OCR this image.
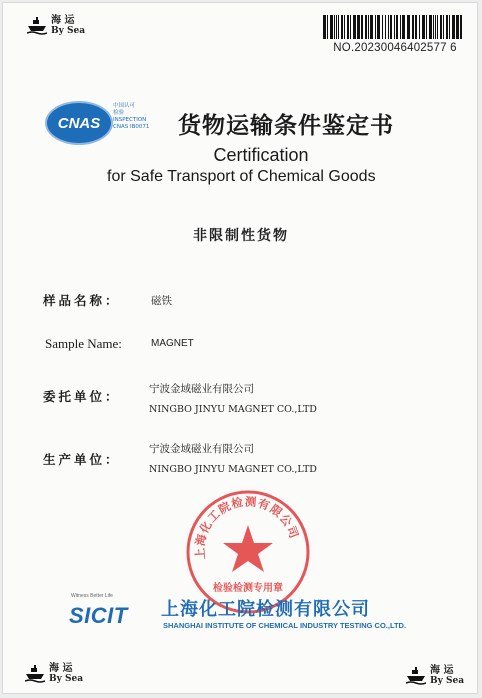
海 运
By Sea
NO.20230046402577 6
CNAS
中国认可
检验
INSPECTION
CNAS IB0071	货物运输条件鉴定书
Certification
for Safe Transport of Chemical Goods
非限制性货物
样品名称：	磁铁
Sample Name:	MAGNET
委托单位：	宁波金域磁业有限公司
NINGBO JINYU MAGNET CO.,LTD
生产单位：
宁波金域磁业有限公司
NINGBO JINYU MAGNET CO.,LTD
上海化工院检测有限公司
检验检测专用章
Witness Better Life
SICIT 上海化工院检测有限公司
SHANGHAI INSTITUTE OF CHEMICAL INDUSTRY TESTING CO.,LTD.
海 运
By Sea
海 运
By Sea
